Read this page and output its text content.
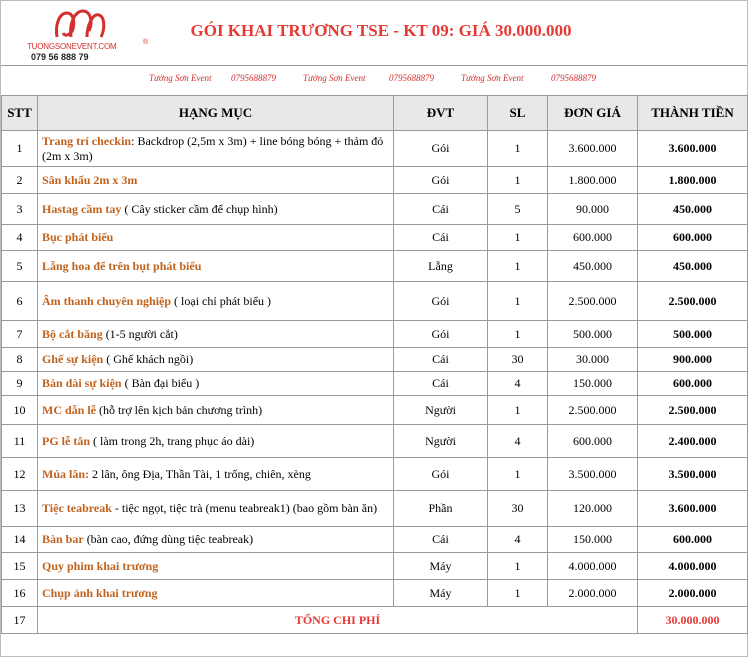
TUONGSONEVENT.COM
079 56 888 79
®
GÓI KHAI TRƯƠNG TSE - KT 09: GIÁ 30.000.000
Tường Sơn Event 0795688879	Tường Sơn Event	0795688879	Tường Sơn Event	0795688879
STT	HẠNG MỤC	ĐVT	SL	ĐƠN GIÁ	THÀNH TIỀN
1	Trang trí checkin: Backdrop (2,5m x 3m) + line bóng bóng + thảm đỏ (2m x 3m)	Gói	1	3.600.000	3.600.000
2	Sân khấu 2m x 3m	Gói	1	1.800.000	1.800.000
3	Hastag cầm tay ( Cây sticker cầm để chụp hình)	Cái	5	90.000	450.000
4	Bục phát biểu	Cái	1	600.000	600.000
5	Lẵng hoa để trên bụt phát biểu	Lẵng	1	450.000	450.000
6	Âm thanh chuyên nghiệp ( loại chỉ phát biểu )	Gói	1	2.500.000	2.500.000
7	Bộ cắt băng (1-5 người cắt)	Gói	1	500.000	500.000
8	Ghế sự kiện ( Ghế khách ngồi)	Cái	30	30.000	900.000
9	Bàn dài sự kiện ( Bàn đại biểu )	Cái	4	150.000	600.000
10	MC dẫn lễ (hỗ trợ lên kịch bản chương trình)	Người	1	2.500.000	2.500.000
11	PG lễ tân ( làm trong 2h, trang phục áo dài)	Người	4	600.000	2.400.000
12	Múa lân: 2 lân, ông Địa, Thần Tài, 1 trống, chiên, xèng	Gói	1	3.500.000	3.500.000
13	Tiệc teabreak - tiệc ngọt, tiệc trà (menu teabreak1) (bao gồm bàn ăn)	Phần	30	120.000	3.600.000
14	Bàn bar (bàn cao, đứng dùng tiệc teabreak)	Cái	4	150.000	600.000
15	Quy phim khai trương	Máy	1	4.000.000	4.000.000
16	Chụp ảnh khai trương	Máy	1	2.000.000	2.000.000
17	TỔNG CHI PHÍ				30.000.000
